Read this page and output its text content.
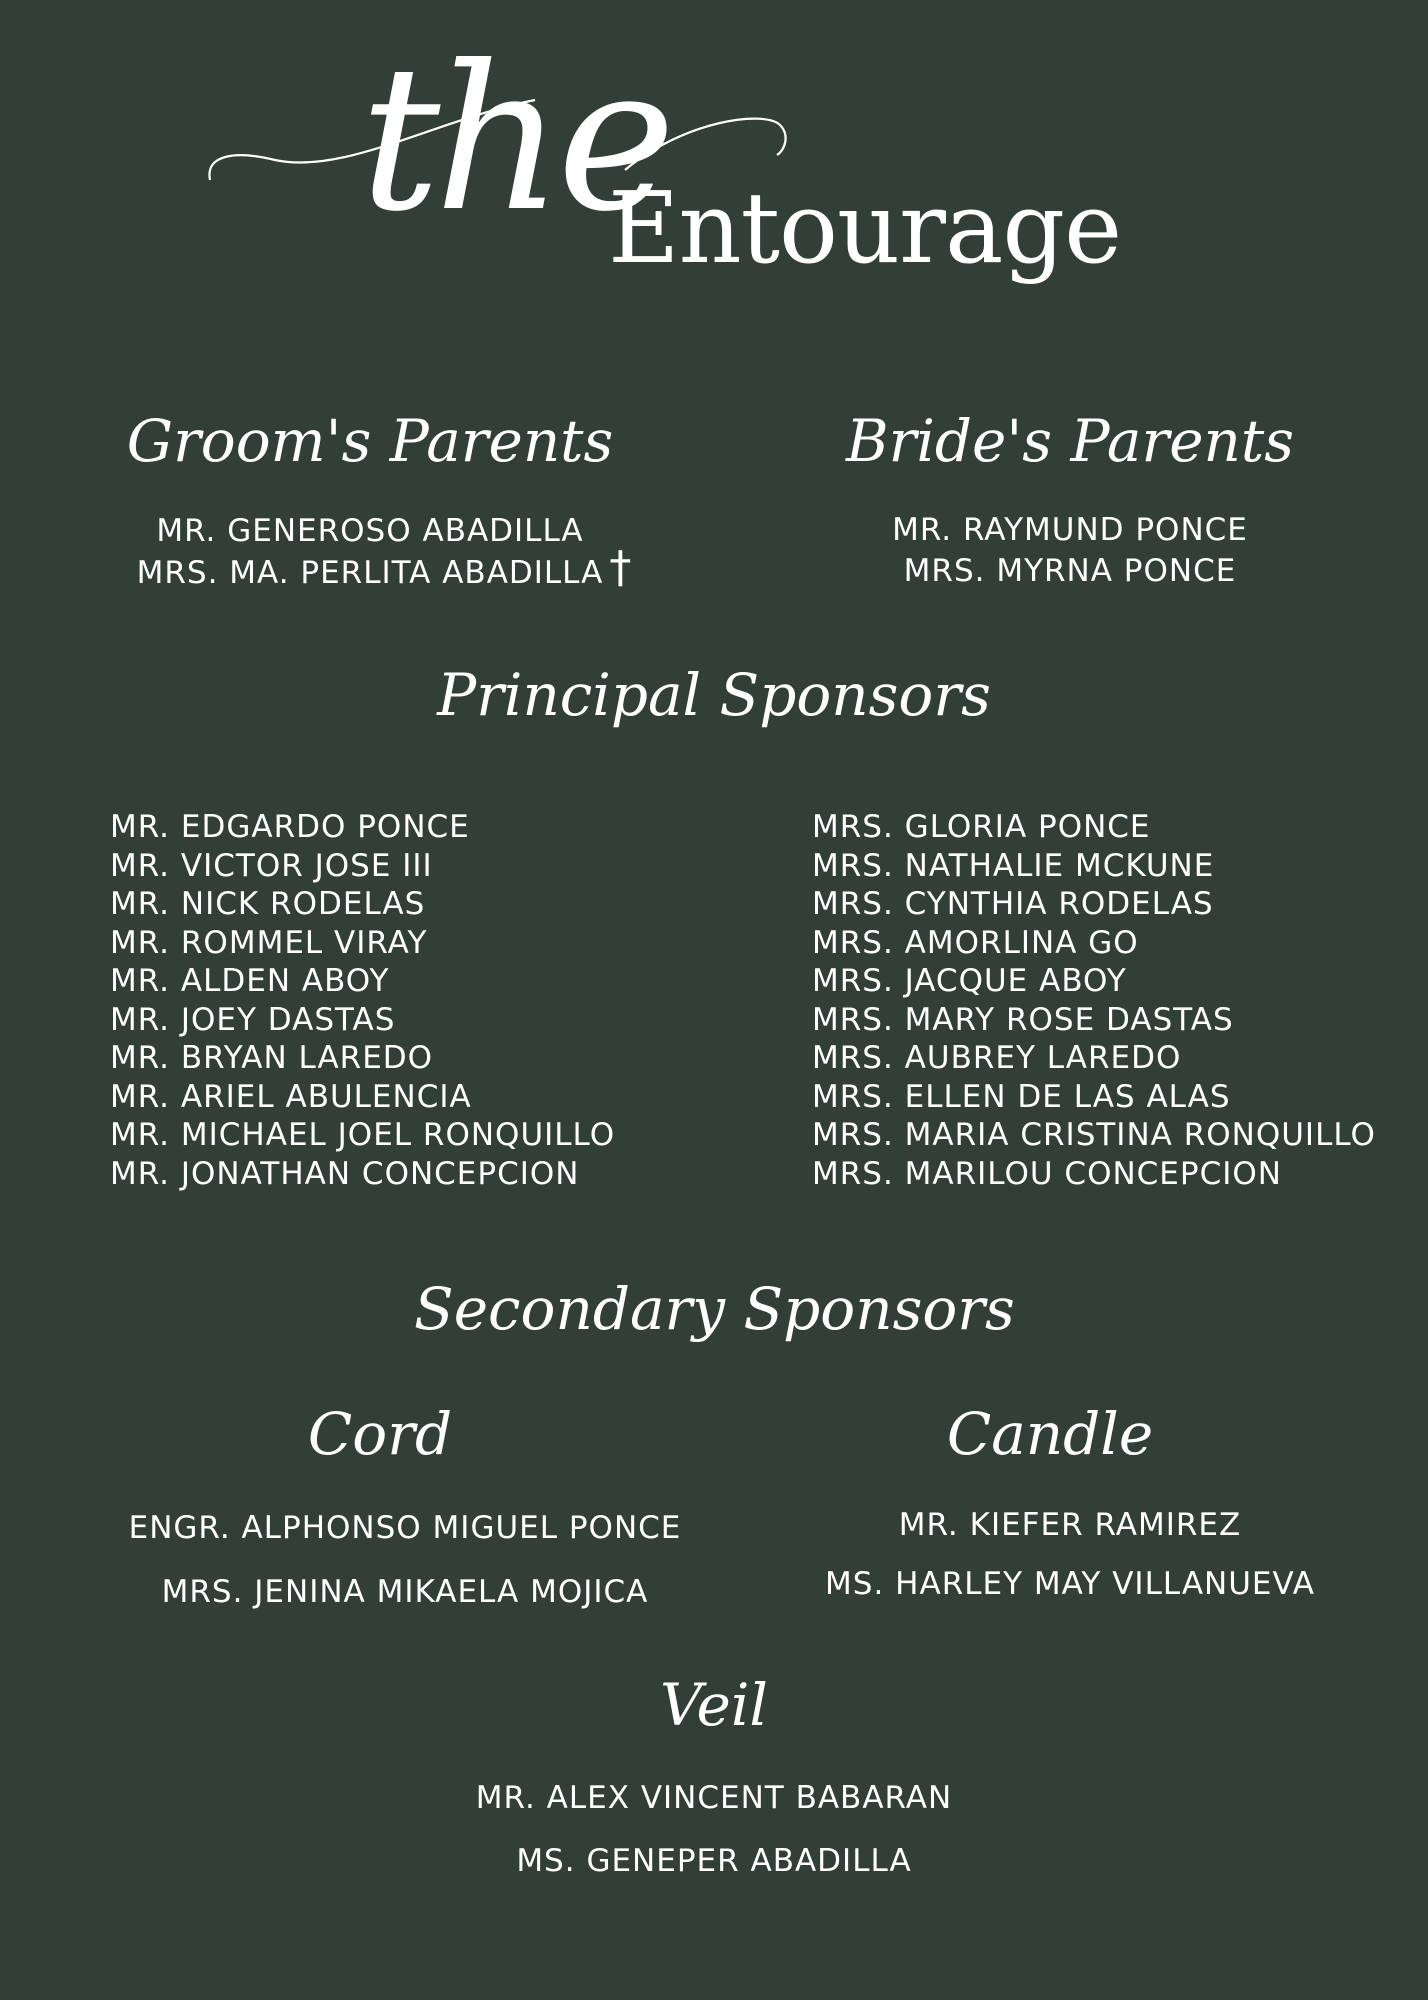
the
Entourage
Groom's Parents
MR. GENEROSO ABADILLA
MRS. MA. PERLITA ABADILLA †
Bride's Parents
MR. RAYMUND PONCE
MRS. MYRNA PONCE
Principal Sponsors
MR. EDGARDO PONCE
MR. VICTOR JOSE III
MR. NICK RODELAS
MR. ROMMEL VIRAY
MR. ALDEN ABOY
MR. JOEY DASTAS
MR. BRYAN LAREDO
MR. ARIEL ABULENCIA
MR. MICHAEL JOEL RONQUILLO
MR. JONATHAN CONCEPCION
MRS. GLORIA PONCE
MRS. NATHALIE MCKUNE
MRS. CYNTHIA RODELAS
MRS. AMORLINA GO
MRS. JACQUE ABOY
MRS. MARY ROSE DASTAS
MRS. AUBREY LAREDO
MRS. ELLEN DE LAS ALAS
MRS. MARIA CRISTINA RONQUILLO
MRS. MARILOU CONCEPCION
Secondary Sponsors
Cord
ENGR. ALPHONSO MIGUEL PONCE
MRS. JENINA MIKAELA MOJICA
Candle
MR. KIEFER RAMIREZ
MS. HARLEY MAY VILLANUEVA
Veil
MR. ALEX VINCENT BABARAN
MS. GENEPER ABADILLA
